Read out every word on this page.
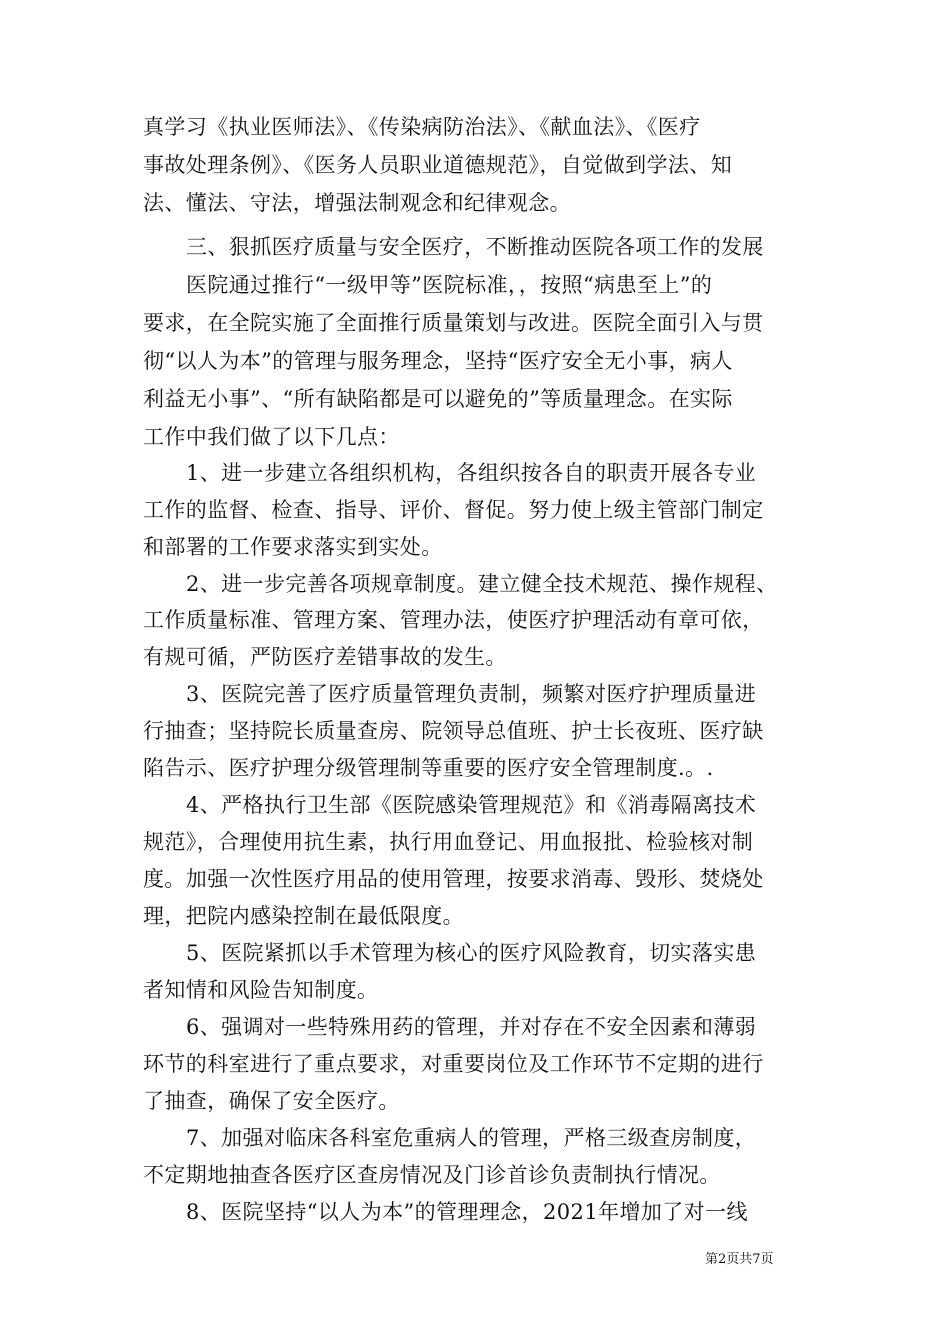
真学习《执业医师法》、《传染病防治法》、《献血法》、《医疗
事故处理条例》、《医务人员职业道德规范》，自觉做到学法、知
法、懂法、守法，增强法制观念和纪律观念。
三、狠抓医疗质量与安全医疗，不断推动医院各项工作的发展
医院通过推行“一级甲等”医院标准，，按照“病患至上”的
要求，在全院实施了全面推行质量策划与改进。医院全面引入与贯
彻“以人为本”的管理与服务理念，坚持“医疗安全无小事，病人
利益无小事”、“所有缺陷都是可以避免的”等质量理念。在实际
工作中我们做了以下几点：
1、进一步建立各组织机构，各组织按各自的职责开展各专业
工作的监督、检查、指导、评价、督促。努力使上级主管部门制定
和部署的工作要求落实到实处。
2、进一步完善各项规章制度。建立健全技术规范、操作规程、
工作质量标准、管理方案、管理办法，使医疗护理活动有章可依，
有规可循，严防医疗差错事故的发生。
3、医院完善了医疗质量管理负责制，频繁对医疗护理质量进
行抽查；坚持院长质量查房、院领导总值班、护士长夜班、医疗缺
陷告示、医疗护理分级管理制等重要的医疗安全管理制度.。.
4、严格执行卫生部《医院感染管理规范》和《消毒隔离技术
规范》，合理使用抗生素，执行用血登记、用血报批、检验核对制
度。加强一次性医疗用品的使用管理，按要求消毒、毁形、焚烧处
理，把院内感染控制在最低限度。
5、医院紧抓以手术管理为核心的医疗风险教育，切实落实患
者知情和风险告知制度。
6、强调对一些特殊用药的管理，并对存在不安全因素和薄弱
环节的科室进行了重点要求，对重要岗位及工作环节不定期的进行
了抽查，确保了安全医疗。
7、加强对临床各科室危重病人的管理，严格三级查房制度，
不定期地抽查各医疗区查房情况及门诊首诊负责制执行情况。
8、医院坚持“以人为本”的管理理念，2021年增加了对一线
第2页共7页
